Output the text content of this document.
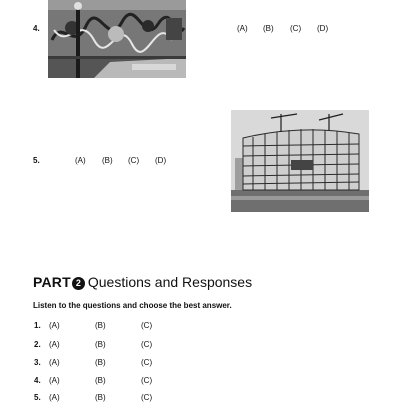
4.	(A) (B) (C) (D)
5.	(A) (B) (C) (D)
PART 2 Questions and Responses
Listen to the questions and choose the best answer.
1. (A)	(B)	(C)
2. (A)	(B)	(C)
3. (A)	(B)	(C)
4. (A)	(B)	(C)
5. (A)	(B)	(C)
